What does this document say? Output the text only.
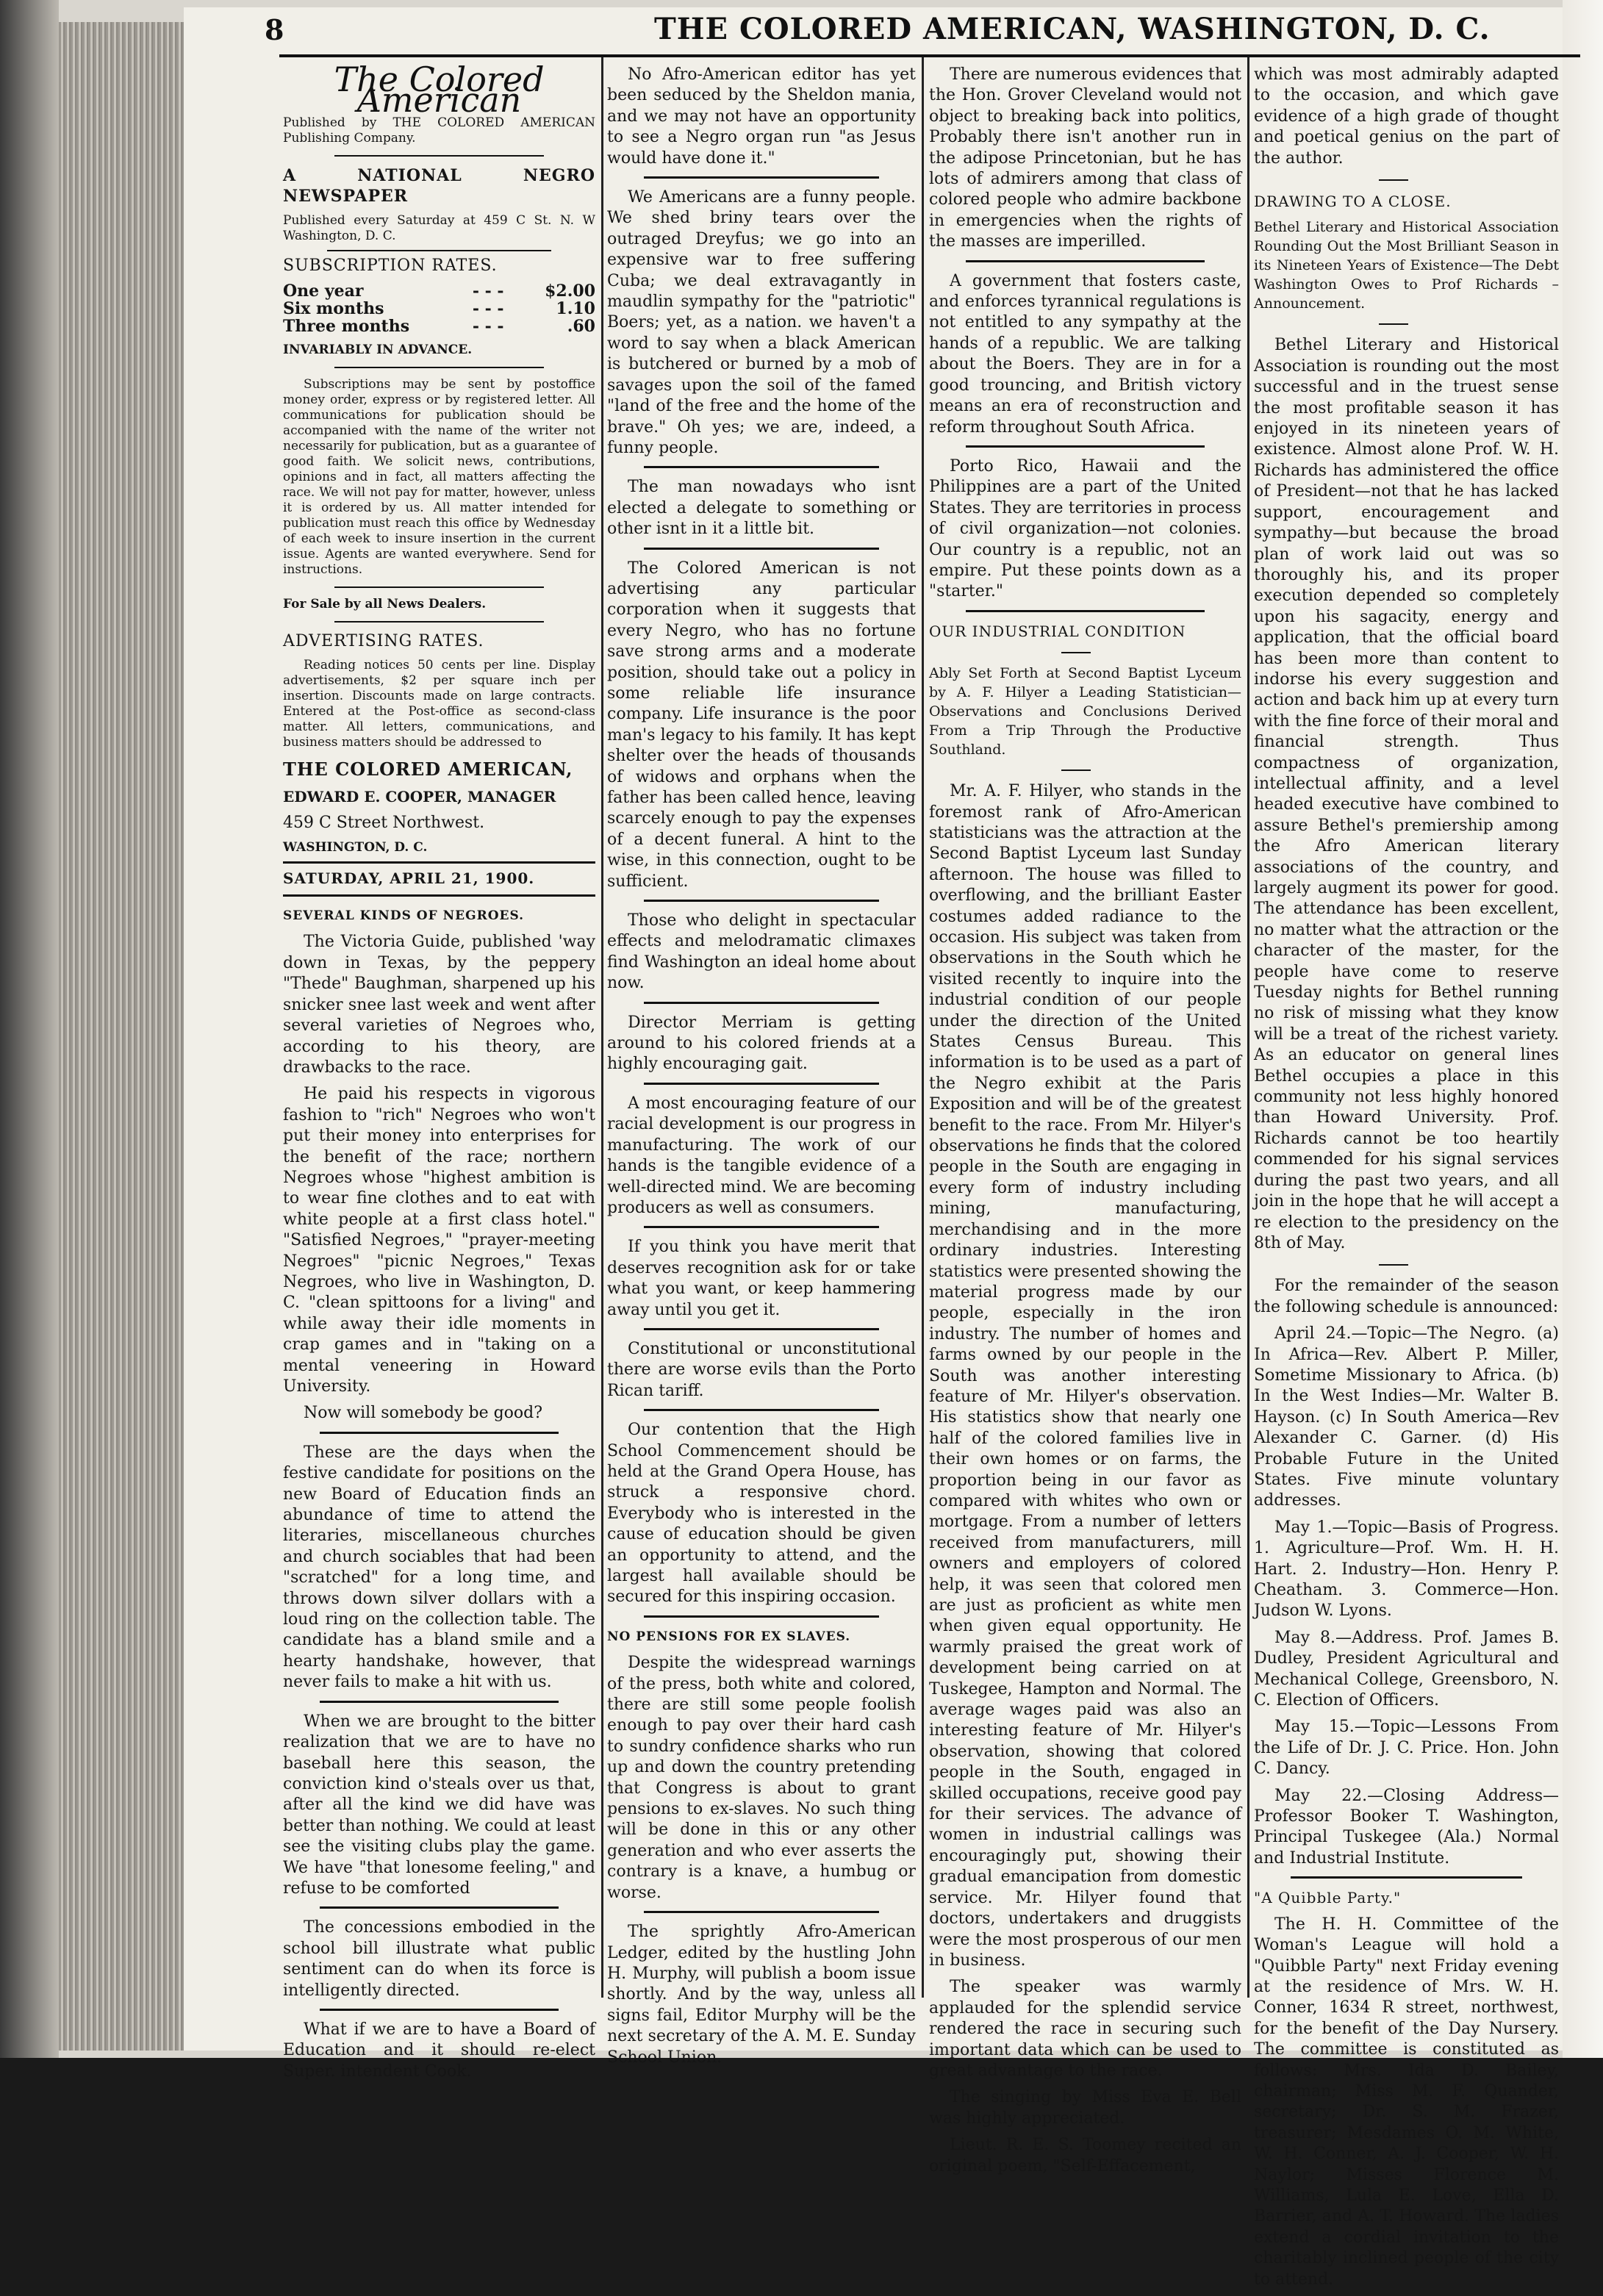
8	THE COLORED AMERICAN, WASHINGTON, D. C.
The Colored American

Published by THE COLORED AMERICAN Publishing Company.

A NATIONAL NEGRO NEWSPAPER

Published every Saturday at 459 C St. N. W Washington, D. C.

SUBSCRIPTION RATES.

One year	- - -	$2.00
Six months	- - -	1.10
Three months	- - -	.60

INVARIABLY IN ADVANCE.

Subscriptions may be sent by postoffice money order, express or by registered letter. All communications for publication should be accompanied with the name of the writer not necessarily for publication, but as a guarantee of good faith. We solicit news, contributions, opinions and in fact, all matters affecting the race. We will not pay for matter, however, unless it is ordered by us. All matter intended for publication must reach this office by Wednesday of each week to insure insertion in the current issue. Agents are wanted everywhere. Send for instructions.

For Sale by all News Dealers.

ADVERTISING RATES.

Reading notices 50 cents per line. Display advertisements, $2 per square inch per insertion. Discounts made on large contracts. Entered at the Post-office as second-class matter. All letters, communications, and business matters should be addressed to

THE COLORED AMERICAN,

EDWARD E. COOPER, MANAGER

459 C Street Northwest.

WASHINGTON, D. C.

SATURDAY, APRIL 21, 1900.

SEVERAL KINDS OF NEGROES.

The Victoria Guide, published 'way down in Texas, by the peppery "Thede" Baughman, sharpened up his snicker snee last week and went after several varieties of Negroes who, according to his theory, are drawbacks to the race.

He paid his respects in vigorous fashion to "rich" Negroes who won't put their money into enterprises for the benefit of the race; northern Negroes whose "highest ambition is to wear fine clothes and to eat with white people at a first class hotel." "Satisfied Negroes," "prayer-meeting Negroes" "picnic Negroes," Texas Negroes, who live in Washington, D. C. "clean spittoons for a living" and while away their idle moments in crap games and in "taking on a mental veneering in Howard University.

Now will somebody be good?

These are the days when the festive candidate for positions on the new Board of Education finds an abundance of time to attend the literaries, miscellaneous churches and church sociables that had been "scratched" for a long time, and throws down silver dollars with a loud ring on the collection table. The candidate has a bland smile and a hearty handshake, however, that never fails to make a hit with us.

When we are brought to the bitter realization that we are to have no baseball here this season, the conviction kind o'steals over us that, after all the kind we did have was better than nothing. We could at least see the visiting clubs play the game. We have "that lonesome feeling," and refuse to be comforted

The concessions embodied in the school bill illustrate what public sentiment can do when its force is intelligently directed.

What if we are to have a Board of Education and it should re-elect Super. intendent Cook.

No Afro-American editor has yet been seduced by the Sheldon mania, and we may not have an opportunity to see a Negro organ run "as Jesus would have done it."

We Americans are a funny people. We shed briny tears over the outraged Dreyfus; we go into an expensive war to free suffering Cuba; we deal extravagantly in maudlin sympathy for the "patriotic" Boers; yet, as a nation. we haven't a word to say when a black American is butchered or burned by a mob of savages upon the soil of the famed "land of the free and the home of the brave." Oh yes; we are, indeed, a funny people.

The man nowadays who isnt elected a delegate to something or other isnt in it a little bit.

The Colored American is not advertising any particular corporation when it suggests that every Negro, who has no fortune save strong arms and a moderate position, should take out a policy in some reliable life insurance company. Life insurance is the poor man's legacy to his family. It has kept shelter over the heads of thousands of widows and orphans when the father has been called hence, leaving scarcely enough to pay the expenses of a decent funeral. A hint to the wise, in this connection, ought to be sufficient.

Those who delight in spectacular effects and melodramatic climaxes find Washington an ideal home about now.

Director Merriam is getting around to his colored friends at a highly encouraging gait.

A most encouraging feature of our racial development is our progress in manufacturing. The work of our hands is the tangible evidence of a well-directed mind. We are becoming producers as well as consumers.

If you think you have merit that deserves recognition ask for or take what you want, or keep hammering away until you get it.

Constitutional or unconstitutional there are worse evils than the Porto Rican tariff.

Our contention that the High School Commencement should be held at the Grand Opera House, has struck a responsive chord. Everybody who is interested in the cause of education should be given an opportunity to attend, and the largest hall available should be secured for this inspiring occasion.

NO PENSIONS FOR EX SLAVES.

Despite the widespread warnings of the press, both white and colored, there are still some people foolish enough to pay over their hard cash to sundry confidence sharks who run up and down the country pretending that Congress is about to grant pensions to ex-slaves. No such thing will be done in this or any other generation and who ever asserts the contrary is a knave, a humbug or worse.

The sprightly Afro-American Ledger, edited by the hustling John H. Murphy, will publish a boom issue shortly. And by the way, unless all signs fail, Editor Murphy will be the next secretary of the A. M. E. Sunday School Union.

There are numerous evidences that the Hon. Grover Cleveland would not object to breaking back into politics, Probably there isn't another run in the adipose Princetonian, but he has lots of admirers among that class of colored people who admire backbone in emergencies when the rights of the masses are imperilled.

A government that fosters caste, and enforces tyrannical regulations is not entitled to any sympathy at the hands of a republic. We are talking about the Boers. They are in for a good trouncing, and British victory means an era of reconstruction and reform throughout South Africa.

Porto Rico, Hawaii and the Philippines are a part of the United States. They are territories in process of civil organization—not colonies. Our country is a republic, not an empire. Put these points down as a "starter."

OUR INDUSTRIAL CONDITION

Ably Set Forth at Second Baptist Lyceum by A. F. Hilyer a Leading Statistician—Observations and Conclusions Derived From a Trip Through the Productive Southland.

Mr. A. F. Hilyer, who stands in the foremost rank of Afro-American statisticians was the attraction at the Second Baptist Lyceum last Sunday afternoon. The house was filled to overflowing, and the brilliant Easter costumes added radiance to the occasion. His subject was taken from observations in the South which he visited recently to inquire into the industrial condition of our people under the direction of the United States Census Bureau. This information is to be used as a part of the Negro exhibit at the Paris Exposition and will be of the greatest benefit to the race. From Mr. Hilyer's observations he finds that the colored people in the South are engaging in every form of industry including mining, manufacturing, merchandising and in the more ordinary industries. Interesting statistics were presented showing the material progress made by our people, especially in the iron industry. The number of homes and farms owned by our people in the South was another interesting feature of Mr. Hilyer's observation. His statistics show that nearly one half of the colored families live in their own homes or on farms, the proportion being in our favor as compared with whites who own or mortgage. From a number of letters received from manufacturers, mill owners and employers of colored help, it was seen that colored men are just as proficient as white men when given equal opportunity. He warmly praised the great work of development being carried on at Tuskegee, Hampton and Normal. The average wages paid was also an interesting feature of Mr. Hilyer's observation, showing that colored people in the South, engaged in skilled occupations, receive good pay for their services. The advance of women in industrial callings was encouragingly put, showing their gradual emancipation from domestic service. Mr. Hilyer found that doctors, undertakers and druggists were the most prosperous of our men in business.

The speaker was warmly applauded for the splendid service rendered the race in securing such important data which can be used to great advantage to the race.

The singing by Miss Eva E. Bell was highly appreciated.

Lieut. R. E. S. Toomey recited an original poem, "Self-Effacement,

which was most admirably adapted to the occasion, and which gave evidence of a high grade of thought and poetical genius on the part of the author.

DRAWING TO A CLOSE.

Bethel Literary and Historical Association Rounding Out the Most Brilliant Season in its Nineteen Years of Existence—The Debt Washington Owes to Prof Richards – Announcement.

Bethel Literary and Historical Association is rounding out the most successful and in the truest sense the most profitable season it has enjoyed in its nineteen years of existence. Almost alone Prof. W. H. Richards has administered the office of President—not that he has lacked support, encouragement and sympathy—but because the broad plan of work laid out was so thoroughly his, and its proper execution depended so completely upon his sagacity, energy and application, that the official board has been more than content to indorse his every suggestion and action and back him up at every turn with the fine force of their moral and financial strength. Thus compactness of organization, intellectual affinity, and a level headed executive have combined to assure Bethel's premiership among the Afro American literary associations of the country, and largely augment its power for good. The attendance has been excellent, no matter what the attraction or the character of the master, for the people have come to reserve Tuesday nights for Bethel running no risk of missing what they know will be a treat of the richest variety. As an educator on general lines Bethel occupies a place in this community not less highly honored than Howard University. Prof. Richards cannot be too heartily commended for his signal services during the past two years, and all join in the hope that he will accept a re election to the presidency on the 8th of May.

For the remainder of the season the following schedule is announced:

April 24.—Topic—The Negro. (a) In Africa—Rev. Albert P. Miller, Sometime Missionary to Africa. (b) In the West Indies—Mr. Walter B. Hayson. (c) In South America—Rev Alexander C. Garner. (d) His Probable Future in the United States. Five minute voluntary addresses.

May 1.—Topic—Basis of Progress. 1. Agriculture—Prof. Wm. H. H. Hart. 2. Industry—Hon. Henry P. Cheatham. 3. Commerce—Hon. Judson W. Lyons.

May 8.—Address. Prof. James B. Dudley, President Agricultural and Mechanical College, Greensboro, N. C. Election of Officers.

May 15.—Topic—Lessons From the Life of Dr. J. C. Price. Hon. John C. Dancy.

May 22.—Closing Address—Professor Booker T. Washington, Principal Tuskegee (Ala.) Normal and Industrial Institute.

"A Quibble Party."

The H. H. Committee of the Woman's League will hold a "Quibble Party" next Friday evening at the residence of Mrs. W. H. Conner, 1634 R street, northwest, for the benefit of the Day Nursery. The committee is constituted as follows: Mrs. Ida D. Bailey, chairman; Miss M. F. Quander, secretary; Dr. S. M. Frazer, treasurer; Mesdames O. M. White, W. H. Conner, A. J. Cooper, W. H. Naylor; Misses Florence M. Williams, Lula E. Love, Ella D. Barrier, and A. T. Howard. The ladies extend a cordial invitation to the charitably inclined people of the city to attend.
